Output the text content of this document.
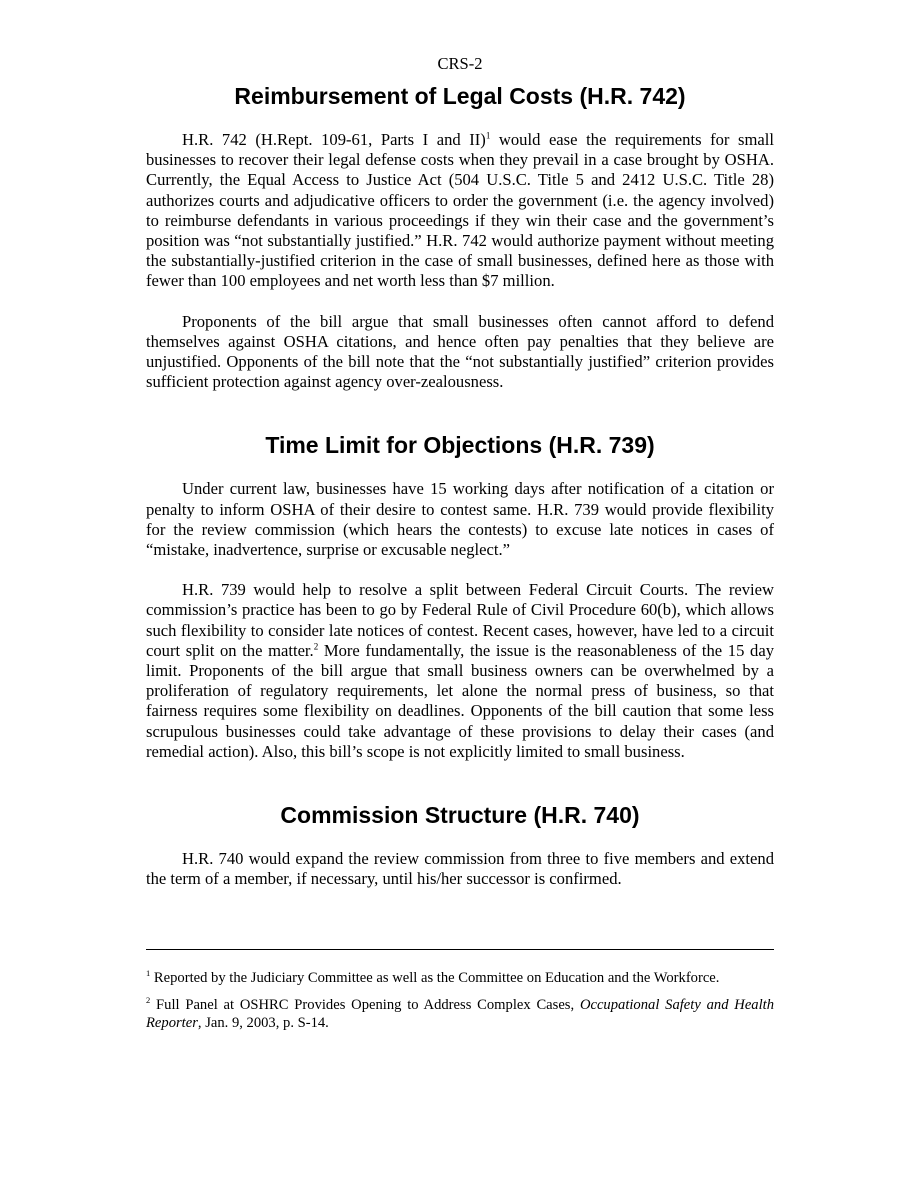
CRS-2
Reimbursement of Legal Costs (H.R. 742)

H.R. 742 (H.Rept. 109-61, Parts I and II)$^1$ would ease the requirements for small businesses to recover their legal defense costs when they prevail in a case brought by OSHA. Currently, the Equal Access to Justice Act (504 U.S.C. Title 5 and 2412 U.S.C. Title 28) authorizes courts and adjudicative officers to order the government (i.e. the agency involved) to reimburse defendants in various proceedings if they win their case and the government’s position was “not substantially justified.” H.R. 742 would authorize payment without meeting the substantially-justified criterion in the case of small businesses, defined here as those with fewer than 100 employees and net worth less than $7 million.

Proponents of the bill argue that small businesses often cannot afford to defend themselves against OSHA citations, and hence often pay penalties that they believe are unjustified. Opponents of the bill note that the “not substantially justified” criterion provides sufficient protection against agency over-zealousness.

Time Limit for Objections (H.R. 739)

Under current law, businesses have 15 working days after notification of a citation or penalty to inform OSHA of their desire to contest same. H.R. 739 would provide flexibility for the review commission (which hears the contests) to excuse late notices in cases of “mistake, inadvertence, surprise or excusable neglect.”

H.R. 739 would help to resolve a split between Federal Circuit Courts. The review commission’s practice has been to go by Federal Rule of Civil Procedure 60(b), which allows such flexibility to consider late notices of contest. Recent cases, however, have led to a circuit court split on the matter.$^2$ More fundamentally, the issue is the reasonableness of the 15 day limit. Proponents of the bill argue that small business owners can be overwhelmed by a proliferation of regulatory requirements, let alone the normal press of business, so that fairness requires some flexibility on deadlines. Opponents of the bill caution that some less scrupulous businesses could take advantage of these provisions to delay their cases (and remedial action). Also, this bill’s scope is not explicitly limited to small business.

Commission Structure (H.R. 740)

H.R. 740 would expand the review commission from three to five members and extend the term of a member, if necessary, until his/her successor is confirmed.

$^1$ Reported by the Judiciary Committee as well as the Committee on Education and the Workforce.
$^2$ Full Panel at OSHRC Provides Opening to Address Complex Cases, Occupational Safety and Health Reporter, Jan. 9, 2003, p. S-14.
